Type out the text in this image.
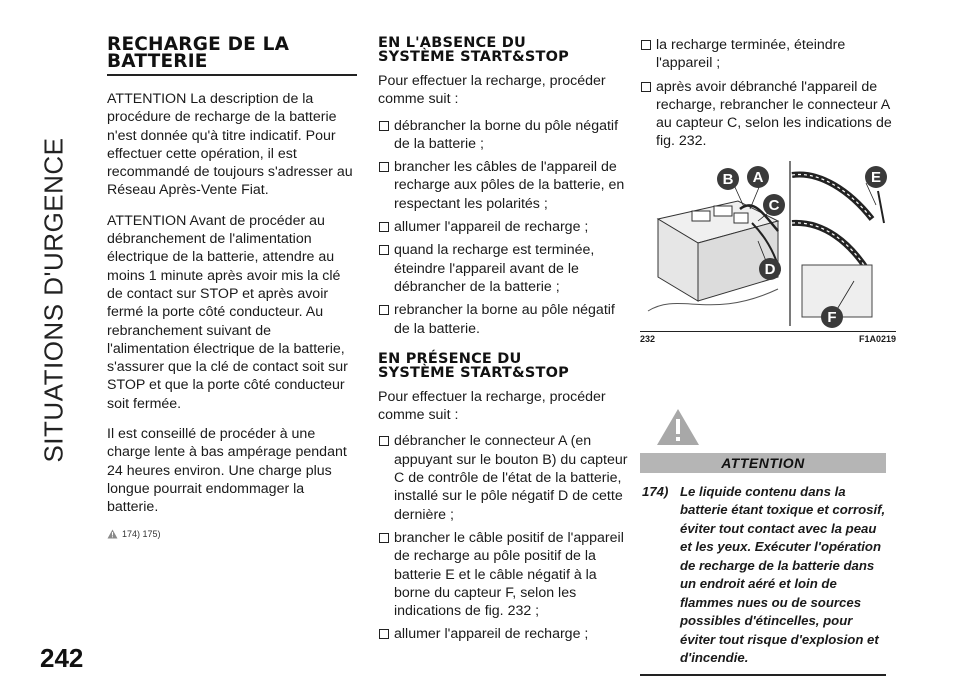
SITUATIONS D'URGENCE
242
RECHARGE DE LA
BATTERIE

ATTENTION La description de la procédure de recharge de la batterie n'est donnée qu'à titre indicatif. Pour effectuer cette opération, il est recommandé de toujours s'adresser au Réseau Après-Vente Fiat.

ATTENTION Avant de procéder au débranchement de l'alimentation électrique de la batterie, attendre au moins 1 minute après avoir mis la clé de contact sur STOP et après avoir fermé la porte côté conducteur. Au rebranchement suivant de l'alimentation électrique de la batterie, s'assurer que la clé de contact soit sur STOP et que la porte côté conducteur soit fermée.

Il est conseillé de procéder à une charge lente à bas ampérage pendant 24 heures environ. Une charge plus longue pourrait endommager la batterie.

174) 175)
EN L'ABSENCE DU
SYSTÈME START&STOP

Pour effectuer la recharge, procéder comme suit :

débrancher la borne du pôle négatif de la batterie ;
brancher les câbles de l'appareil de recharge aux pôles de la batterie, en respectant les polarités ;
allumer l'appareil de recharge ;
quand la recharge est terminée, éteindre l'appareil avant de le débrancher de la batterie ;
rebrancher la borne au pôle négatif de la batterie.
EN PRÉSENCE DU
SYSTÈME START&STOP

Pour effectuer la recharge, procéder comme suit :

débrancher le connecteur A (en appuyant sur le bouton B) du capteur C de contrôle de l'état de la batterie, installé sur le pôle négatif D de cette dernière ;
brancher le câble positif de l'appareil de recharge au pôle positif de la batterie E et le câble négatif à la borne du capteur F, selon les indications de fig. 232 ;
allumer l'appareil de recharge ;
la recharge terminée, éteindre l'appareil ;
après avoir débranché l'appareil de recharge, rebrancher le connecteur A au capteur C, selon les indications de fig. 232.
B A
C
D
E
F
232	F1A0219
ATTENTION
174) Le liquide contenu dans la batterie étant toxique et corrosif, éviter tout contact avec la peau et les yeux. Exécuter l'opération de recharge de la batterie dans un endroit aéré et loin de flammes nues ou de sources possibles d'étincelles, pour éviter tout risque d'explosion et d'incendie.
